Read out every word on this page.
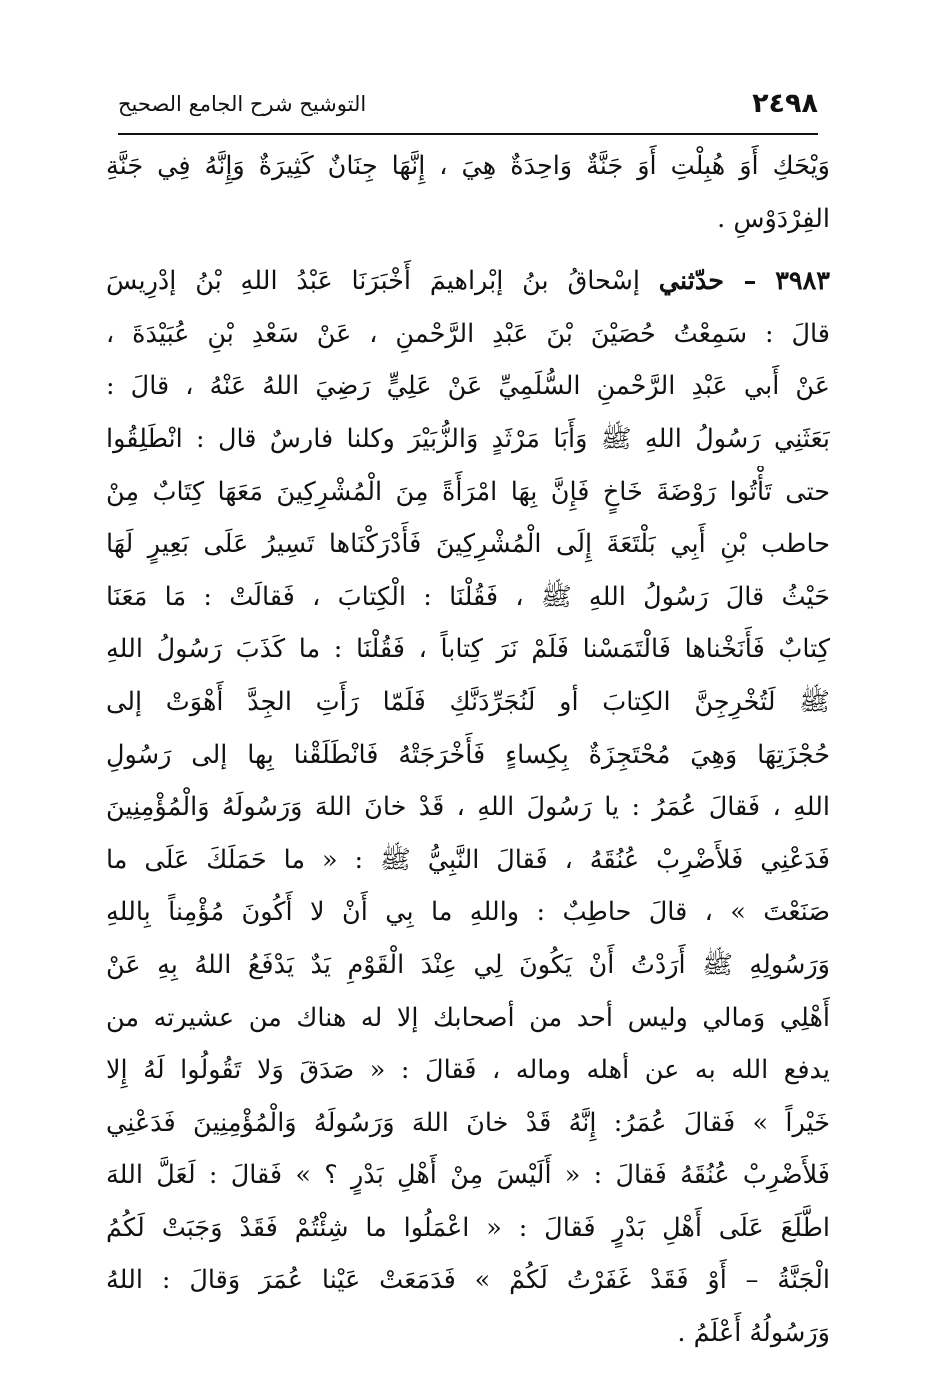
٢٤٩٨
التوشيح شرح الجامع الصحيح
وَيْحَكِ أَوَ هُبِلْتِ أَوَ جَنَّةٌ وَاحِدَةٌ هِيَ ، إِنَّهَا جِنَانٌ كَثِيرَةٌ وَإِنَّهُ فِي جَنَّةِ
الفِرْدَوْسِ .
٣٩٨٣ – حدّثني إسْحاقُ بنُ إبْراهيمَ أَخْبَرَنَا عَبْدُ اللهِ بْنُ إدْرِيسَ
قالَ : سَمِعْتُ حُصَيْنَ بْنَ عَبْدِ الرَّحْمنِ ، عَنْ سَعْدِ بْنِ عُبَيْدَةَ ،
عَنْ أَبي عَبْدِ الرَّحْمنِ السُّلَمِيِّ عَنْ عَلِيٍّ رَضِيَ اللهُ عَنْهُ ، قالَ :
بَعَثَنِي رَسُولُ اللهِ ﷺ وَأَبَا مَرْثَدٍ وَالزُّبَيْرَ وكلنا فارسٌ قال : انْطَلِقُوا
حتى تَأْتُوا رَوْضَةَ خَاخٍ فَإِنَّ بِهَا امْرَأَةً مِنَ الْمُشْرِكِينَ مَعَهَا كِتَابٌ مِنْ
حاطب بْنِ أَبِي بَلْتَعَةَ إِلَى الْمُشْرِكِينَ فَأَدْرَكْنَاها تَسِيرُ عَلَى بَعِيرٍ لَهَا
حَيْثُ قالَ رَسُولُ اللهِ ﷺ ، فَقُلْنَا : الْكِتابَ ، فَقالَتْ : مَا مَعَنَا
كِتابٌ فَأَنَخْناها فَالْتَمَسْنا فَلَمْ نَرَ كِتاباً ، فَقُلْنَا : ما كَذَبَ رَسُولُ اللهِ
ﷺ لَتُخْرِجِنَّ الكِتابَ أو لَنُجَرِّدَنَّكِ فَلَمّا رَأَتِ الجِدَّ أَهْوَتْ إلى
حُجْزَتِهَا وَهِيَ مُحْتَجِزَةٌ بِكِساءٍ فَأَخْرَجَتْهُ فَانْطَلَقْنا بِها إلى رَسُولِ
اللهِ ، فَقالَ عُمَرُ : يا رَسُولَ اللهِ ، قَدْ خانَ اللهَ وَرَسُولَهُ وَالْمُؤْمِنِينَ
فَدَعْنِي فَلأَضْرِبْ عُنُقَهُ ، فَقالَ النَّبِيُّ ﷺ : « ما حَمَلَكَ عَلَى ما
صَنَعْتَ » ، قالَ حاطِبٌ : واللهِ ما بِي أَنْ لا أَكُونَ مُؤْمِناً بِاللهِ
وَرَسُولِهِ ﷺ أَرَدْتُ أَنْ يَكُونَ لِي عِنْدَ الْقَوْمِ يَدٌ يَدْفَعُ اللهُ بِهِ عَنْ
أَهْلِي وَمالي وليس أحد من أصحابك إلا له هناك من عشيرته من
يدفع الله به عن أهله وماله ، فَقالَ : « صَدَقَ وَلا تَقُولُوا لَهُ إِلا
خَيْراً » فَقالَ عُمَرُ: إِنَّهُ قَدْ خانَ اللهَ وَرَسُولَهُ وَالْمُؤْمِنِينَ فَدَعْنِي
فَلأَضْرِبْ عُنُقَهُ فَقالَ : « أَلَيْسَ مِنْ أَهْلِ بَدْرٍ ؟ » فَقالَ : لَعَلَّ اللهَ
اطَّلَعَ عَلَى أَهْلِ بَدْرٍ فَقالَ : « اعْمَلُوا ما شِئْتُمْ فَقَدْ وَجَبَتْ لَكُمُ
الْجَنَّةُ – أَوْ فَقَدْ غَفَرْتُ لَكُمْ » فَدَمَعَتْ عَيْنا عُمَرَ وَقالَ : اللهُ
وَرَسُولُهُ أَعْلَمُ .
